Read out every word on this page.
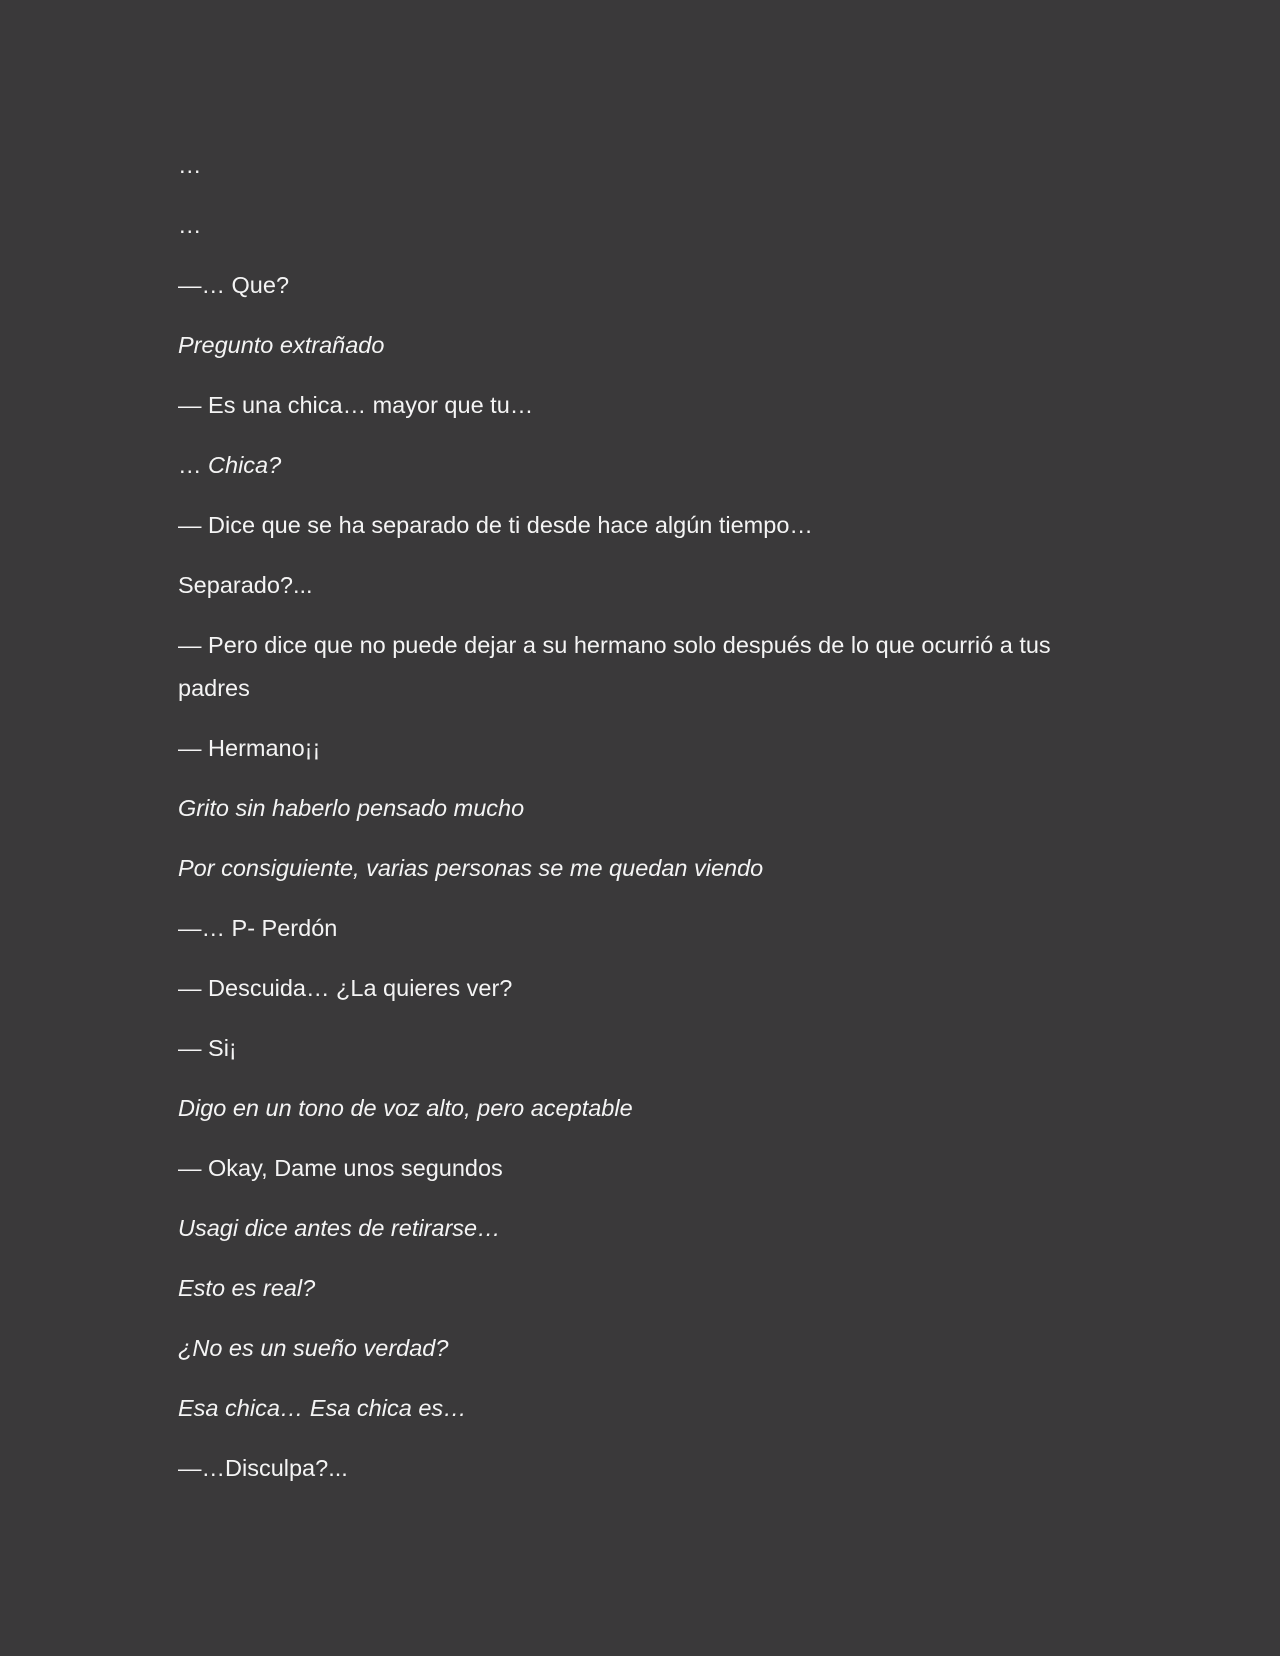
…

…

—… Que?

Pregunto extrañado

— Es una chica… mayor que tu…

… Chica?

— Dice que se ha separado de ti desde hace algún tiempo…

Separado?...

— Pero dice que no puede dejar a su hermano solo después de lo que ocurrió a tus padres

— Hermano¡¡

Grito sin haberlo pensado mucho

Por consiguiente, varias personas se me quedan viendo

—… P- Perdón

— Descuida… ¿La quieres ver?

— Si¡

Digo en un tono de voz alto, pero aceptable

— Okay, Dame unos segundos

Usagi dice antes de retirarse…

Esto es real?

¿No es un sueño verdad?

Esa chica… Esa chica es…

—…Disculpa?...
